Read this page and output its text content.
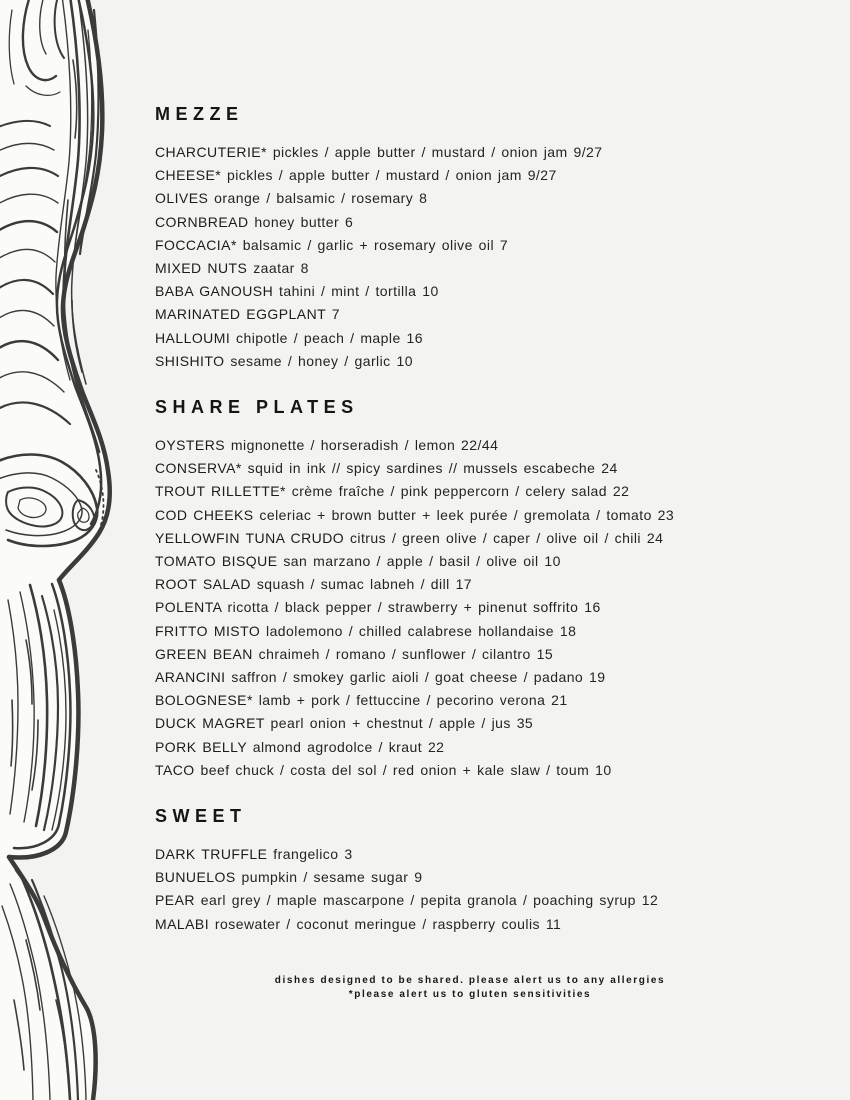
MEZZE
CHARCUTERIE* pickles / apple butter / mustard / onion jam 9/27
CHEESE* pickles / apple butter / mustard / onion jam 9/27
OLIVES orange / balsamic / rosemary 8
CORNBREAD honey butter 6
FOCCACIA* balsamic / garlic + rosemary olive oil 7
MIXED NUTS zaatar 8
BABA GANOUSH tahini / mint / tortilla 10
MARINATED EGGPLANT 7
HALLOUMI chipotle / peach / maple 16
SHISHITO sesame / honey / garlic 10
SHARE PLATES
OYSTERS mignonette / horseradish / lemon 22/44
CONSERVA* squid in ink // spicy sardines // mussels escabeche 24
TROUT RILLETTE* crème fraîche / pink peppercorn / celery salad 22
COD CHEEKS celeriac + brown butter + leek purée / gremolata / tomato 23
YELLOWFIN TUNA CRUDO citrus / green olive / caper / olive oil / chili 24
TOMATO BISQUE san marzano / apple / basil / olive oil 10
ROOT SALAD squash / sumac labneh / dill 17
POLENTA ricotta / black pepper / strawberry + pinenut soffrito 16
FRITTO MISTO ladolemono / chilled calabrese hollandaise 18
GREEN BEAN chraimeh / romano / sunflower / cilantro 15
ARANCINI saffron / smokey garlic aioli / goat cheese / padano 19
BOLOGNESE* lamb + pork / fettuccine / pecorino verona 21
DUCK MAGRET pearl onion + chestnut / apple / jus 35
PORK BELLY almond agrodolce / kraut 22
TACO beef chuck / costa del sol / red onion + kale slaw / toum 10
SWEET
DARK TRUFFLE frangelico 3
BUNUELOS pumpkin / sesame sugar 9
PEAR earl grey / maple mascarpone / pepita granola / poaching syrup 12
MALABI rosewater / coconut meringue / raspberry coulis 11
dishes designed to be shared. please alert us to any allergies
*please alert us to gluten sensitivities
